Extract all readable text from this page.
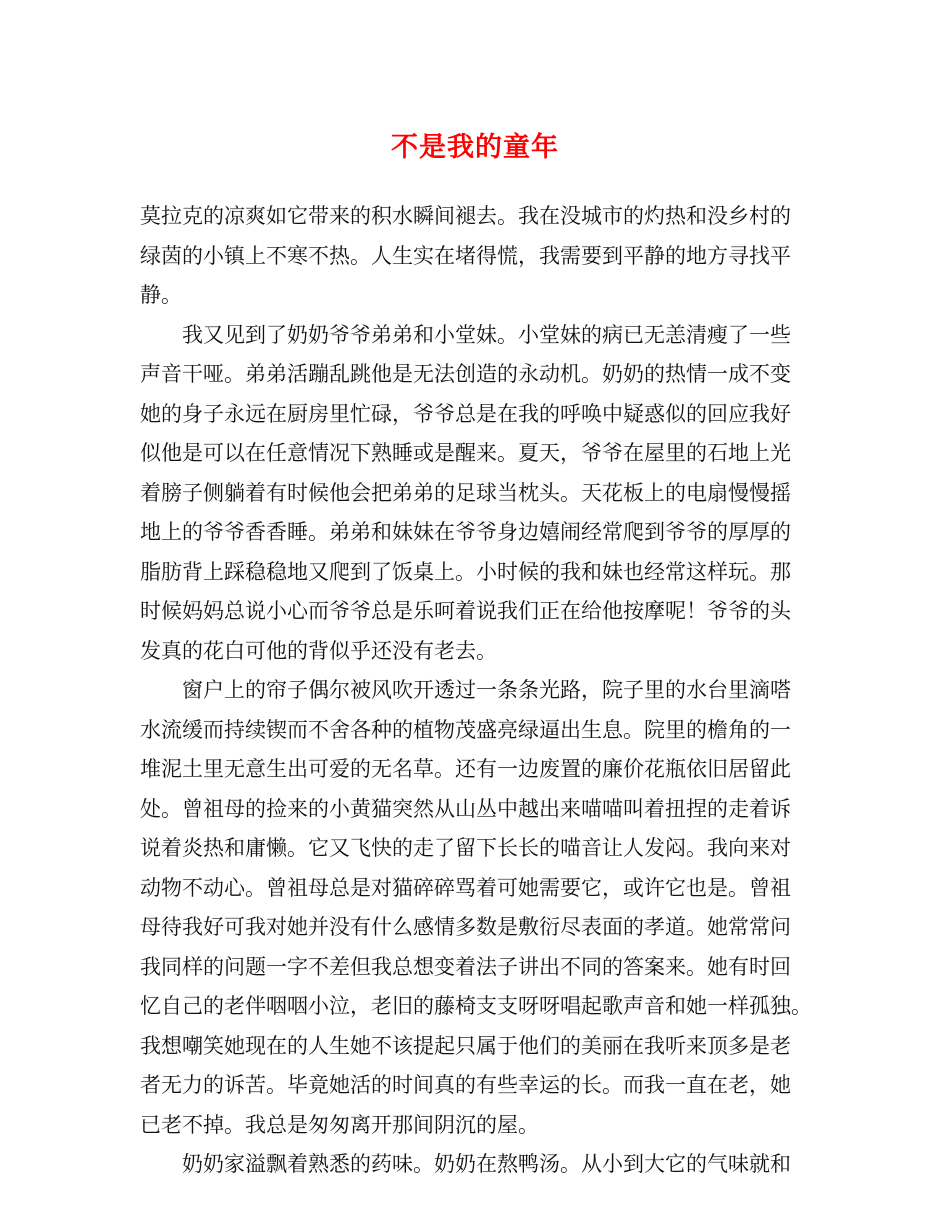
不是我的童年
莫拉克的凉爽如它带来的积水瞬间褪去。我在没城市的灼热和没乡村的
绿茵的小镇上不寒不热。人生实在堵得慌，我需要到平静的地方寻找平
静。
我又见到了奶奶爷爷弟弟和小堂妹。小堂妹的病已无恙清瘦了一些
声音干哑。弟弟活蹦乱跳他是无法创造的永动机。奶奶的热情一成不变
她的身子永远在厨房里忙碌，爷爷总是在我的呼唤中疑惑似的回应我好
似他是可以在任意情况下熟睡或是醒来。夏天，爷爷在屋里的石地上光
着膀子侧躺着有时候他会把弟弟的足球当枕头。天花板上的电扇慢慢摇
地上的爷爷香香睡。弟弟和妹妹在爷爷身边嬉闹经常爬到爷爷的厚厚的
脂肪背上踩稳稳地又爬到了饭桌上。小时候的我和妹也经常这样玩。那
时候妈妈总说小心而爷爷总是乐呵着说我们正在给他按摩呢！爷爷的头
发真的花白可他的背似乎还没有老去。
窗户上的帘子偶尔被风吹开透过一条条光路，院子里的水台里滴嗒
水流缓而持续锲而不舍各种的植物茂盛亮绿逼出生息。院里的檐角的一
堆泥土里无意生出可爱的无名草。还有一边废置的廉价花瓶依旧居留此
处。曾祖母的捡来的小黄猫突然从山丛中越出来喵喵叫着扭捏的走着诉
说着炎热和庸懒。它又飞快的走了留下长长的喵音让人发闷。我向来对
动物不动心。曾祖母总是对猫碎碎骂着可她需要它，或许它也是。曾祖
母待我好可我对她并没有什么感情多数是敷衍尽表面的孝道。她常常问
我同样的问题一字不差但我总想变着法子讲出不同的答案来。她有时回
忆自己的老伴咽咽小泣，老旧的藤椅支支呀呀唱起歌声音和她一样孤独。
我想嘲笑她现在的人生她不该提起只属于他们的美丽在我听来顶多是老
者无力的诉苦。毕竟她活的时间真的有些幸运的长。而我一直在老，她
已老不掉。我总是匆匆离开那间阴沉的屋。
奶奶家溢飘着熟悉的药味。奶奶在熬鸭汤。从小到大它的气味就和
